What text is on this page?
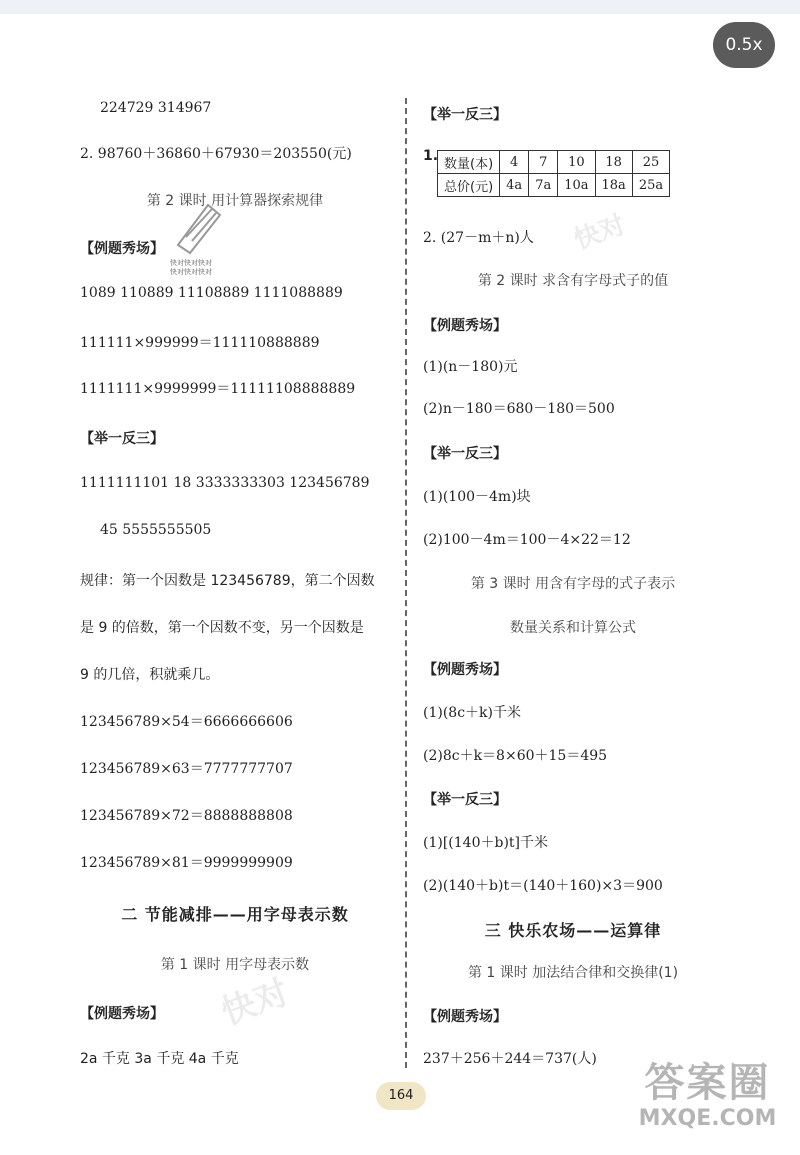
0.5x
224729 314967
2. 98760＋36860＋67930＝203550(元)
第 2 课时 用计算器探索规律
快对快对快对
快对快对快对
【例题秀场】
1089 110889 11108889 1111088889
111111×999999＝111110888889
1111111×9999999＝11111108888889
【举一反三】
1111111101 18 3333333303 123456789
45 5555555505
规律：第一个因数是 123456789，第二个因数
是 9 的倍数，第一个因数不变，另一个因数是
9 的几倍，积就乘几。
123456789×54＝6666666606
123456789×63＝7777777707
123456789×72＝8888888808
123456789×81＝9999999909
二 节能减排——用字母表示数
第 1 课时 用字母表示数
【例题秀场】
2a 千克 3a 千克 4a 千克
快对
【举一反三】
1. 数量(本)	4	7	10	18	25
总价(元)	4a	7a	10a	18a	25a
快对
2. (27－m＋n)人
第 2 课时 求含有字母式子的值
【例题秀场】
(1)(n－180)元
(2)n－180＝680－180＝500
【举一反三】
(1)(100－4m)块
(2)100－4m＝100－4×22＝12
第 3 课时 用含有字母的式子表示
数量关系和计算公式
【例题秀场】
(1)(8c＋k)千米
(2)8c＋k＝8×60＋15＝495
【举一反三】
(1)[(140＋b)t]千米
(2)(140＋b)t＝(140＋160)×3＝900
三 快乐农场——运算律
第 1 课时 加法结合律和交换律(1)
【例题秀场】
237＋256＋244＝737(人)
164	答案圈
MXQE.COM
